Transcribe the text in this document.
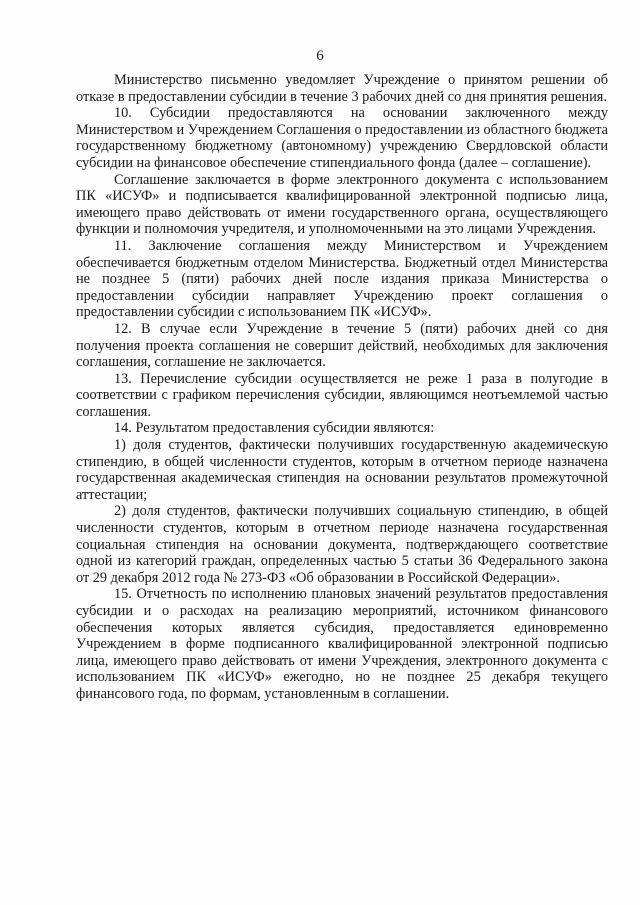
6

Министерство письменно уведомляет Учреждение о принятом решении об отказе в предоставлении субсидии в течение 3 рабочих дней со дня принятия решения.

10. Субсидии предоставляются на основании заключенного между Министерством и Учреждением Соглашения о предоставлении из областного бюджета государственному бюджетному (автономному) учреждению Свердловской области субсидии на финансовое обеспечение стипендиального фонда (далее – соглашение).

Соглашение заключается в форме электронного документа с использованием ПК «ИСУФ» и подписывается квалифицированной электронной подписью лица, имеющего право действовать от имени государственного органа, осуществляющего функции и полномочия учредителя, и уполномоченными на это лицами Учреждения.

11. Заключение соглашения между Министерством и Учреждением обеспечивается бюджетным отделом Министерства. Бюджетный отдел Министерства не позднее 5 (пяти) рабочих дней после издания приказа Министерства о предоставлении субсидии направляет Учреждению проект соглашения о предоставлении субсидии с использованием ПК «ИСУФ».

12. В случае если Учреждение в течение 5 (пяти) рабочих дней со дня получения проекта соглашения не совершит действий, необходимых для заключения соглашения, соглашение не заключается.

13. Перечисление субсидии осуществляется не реже 1 раза в полугодие в соответствии с графиком перечисления субсидии, являющимся неотъемлемой частью соглашения.

14. Результатом предоставления субсидии являются:

1) доля студентов, фактически получивших государственную академическую стипендию, в общей численности студентов, которым в отчетном периоде назначена государственная академическая стипендия на основании результатов промежуточной аттестации;

2) доля студентов, фактически получивших социальную стипендию, в общей численности студентов, которым в отчетном периоде назначена государственная социальная стипендия на основании документа, подтверждающего соответствие одной из категорий граждан, определенных частью 5 статьи 36 Федерального закона от 29 декабря 2012 года № 273-ФЗ «Об образовании в Российской Федерации».

15. Отчетность по исполнению плановых значений результатов предоставления субсидии и о расходах на реализацию мероприятий, источником финансового обеспечения которых является субсидия, предоставляется единовременно Учреждением в форме подписанного квалифицированной электронной подписью лица, имеющего право действовать от имени Учреждения, электронного документа с использованием ПК «ИСУФ» ежегодно, но не позднее 25 декабря текущего финансового года, по формам, установленным в соглашении.
